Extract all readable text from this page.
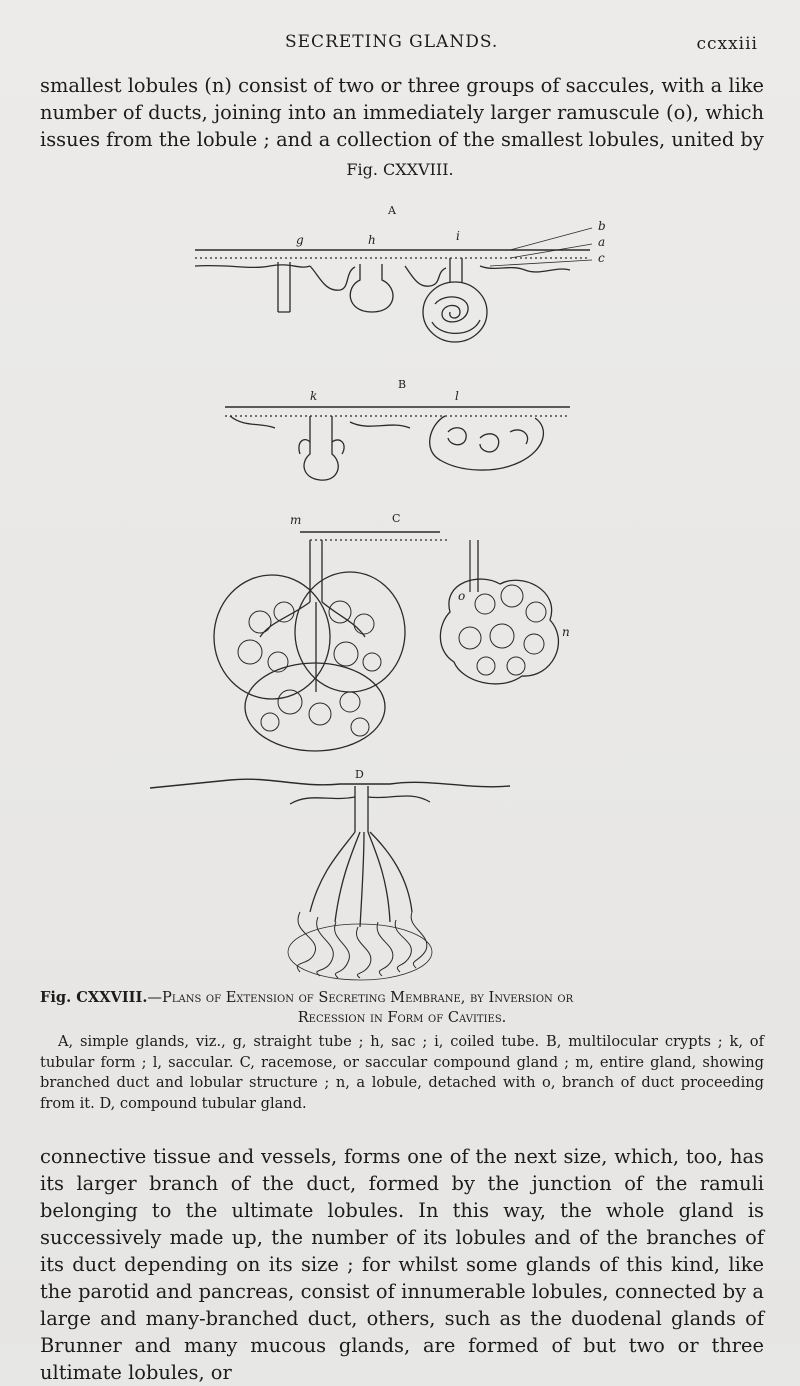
SECRETING GLANDS.	ccxxiii

smallest lobules (n) consist of two or three groups of saccules, with a like number of ducts, joining into an immediately larger ramuscule (o), which issues from the lobule ; and a collection of the smallest lobules, united by

Fig. CXXVIII.
b
a
c
A
g	h	i
B
k	l
C
m
o
n
D
Fig. CXXVIII.—Plans of Extension of Secreting Membrane, by Inversion or
Recession in Form of Cavities.

A, simple glands, viz., g, straight tube ; h, sac ; i, coiled tube. B, multilocular crypts ; k, of tubular form ; l, saccular. C, racemose, or saccular compound gland ; m, entire gland, showing branched duct and lobular structure ; n, a lobule, detached with o, branch of duct proceeding from it. D, compound tubular gland.

connective tissue and vessels, forms one of the next size, which, too, has its larger branch of the duct, formed by the junction of the ramuli belonging to the ultimate lobules. In this way, the whole gland is successively made up, the number of its lobules and of the branches of its duct depending on its size ; for whilst some glands of this kind, like the parotid and pancreas, consist of innumerable lobules, connected by a large and many-branched duct, others, such as the duodenal glands of Brunner and many mucous glands, are formed of but two or three ultimate lobules, or
